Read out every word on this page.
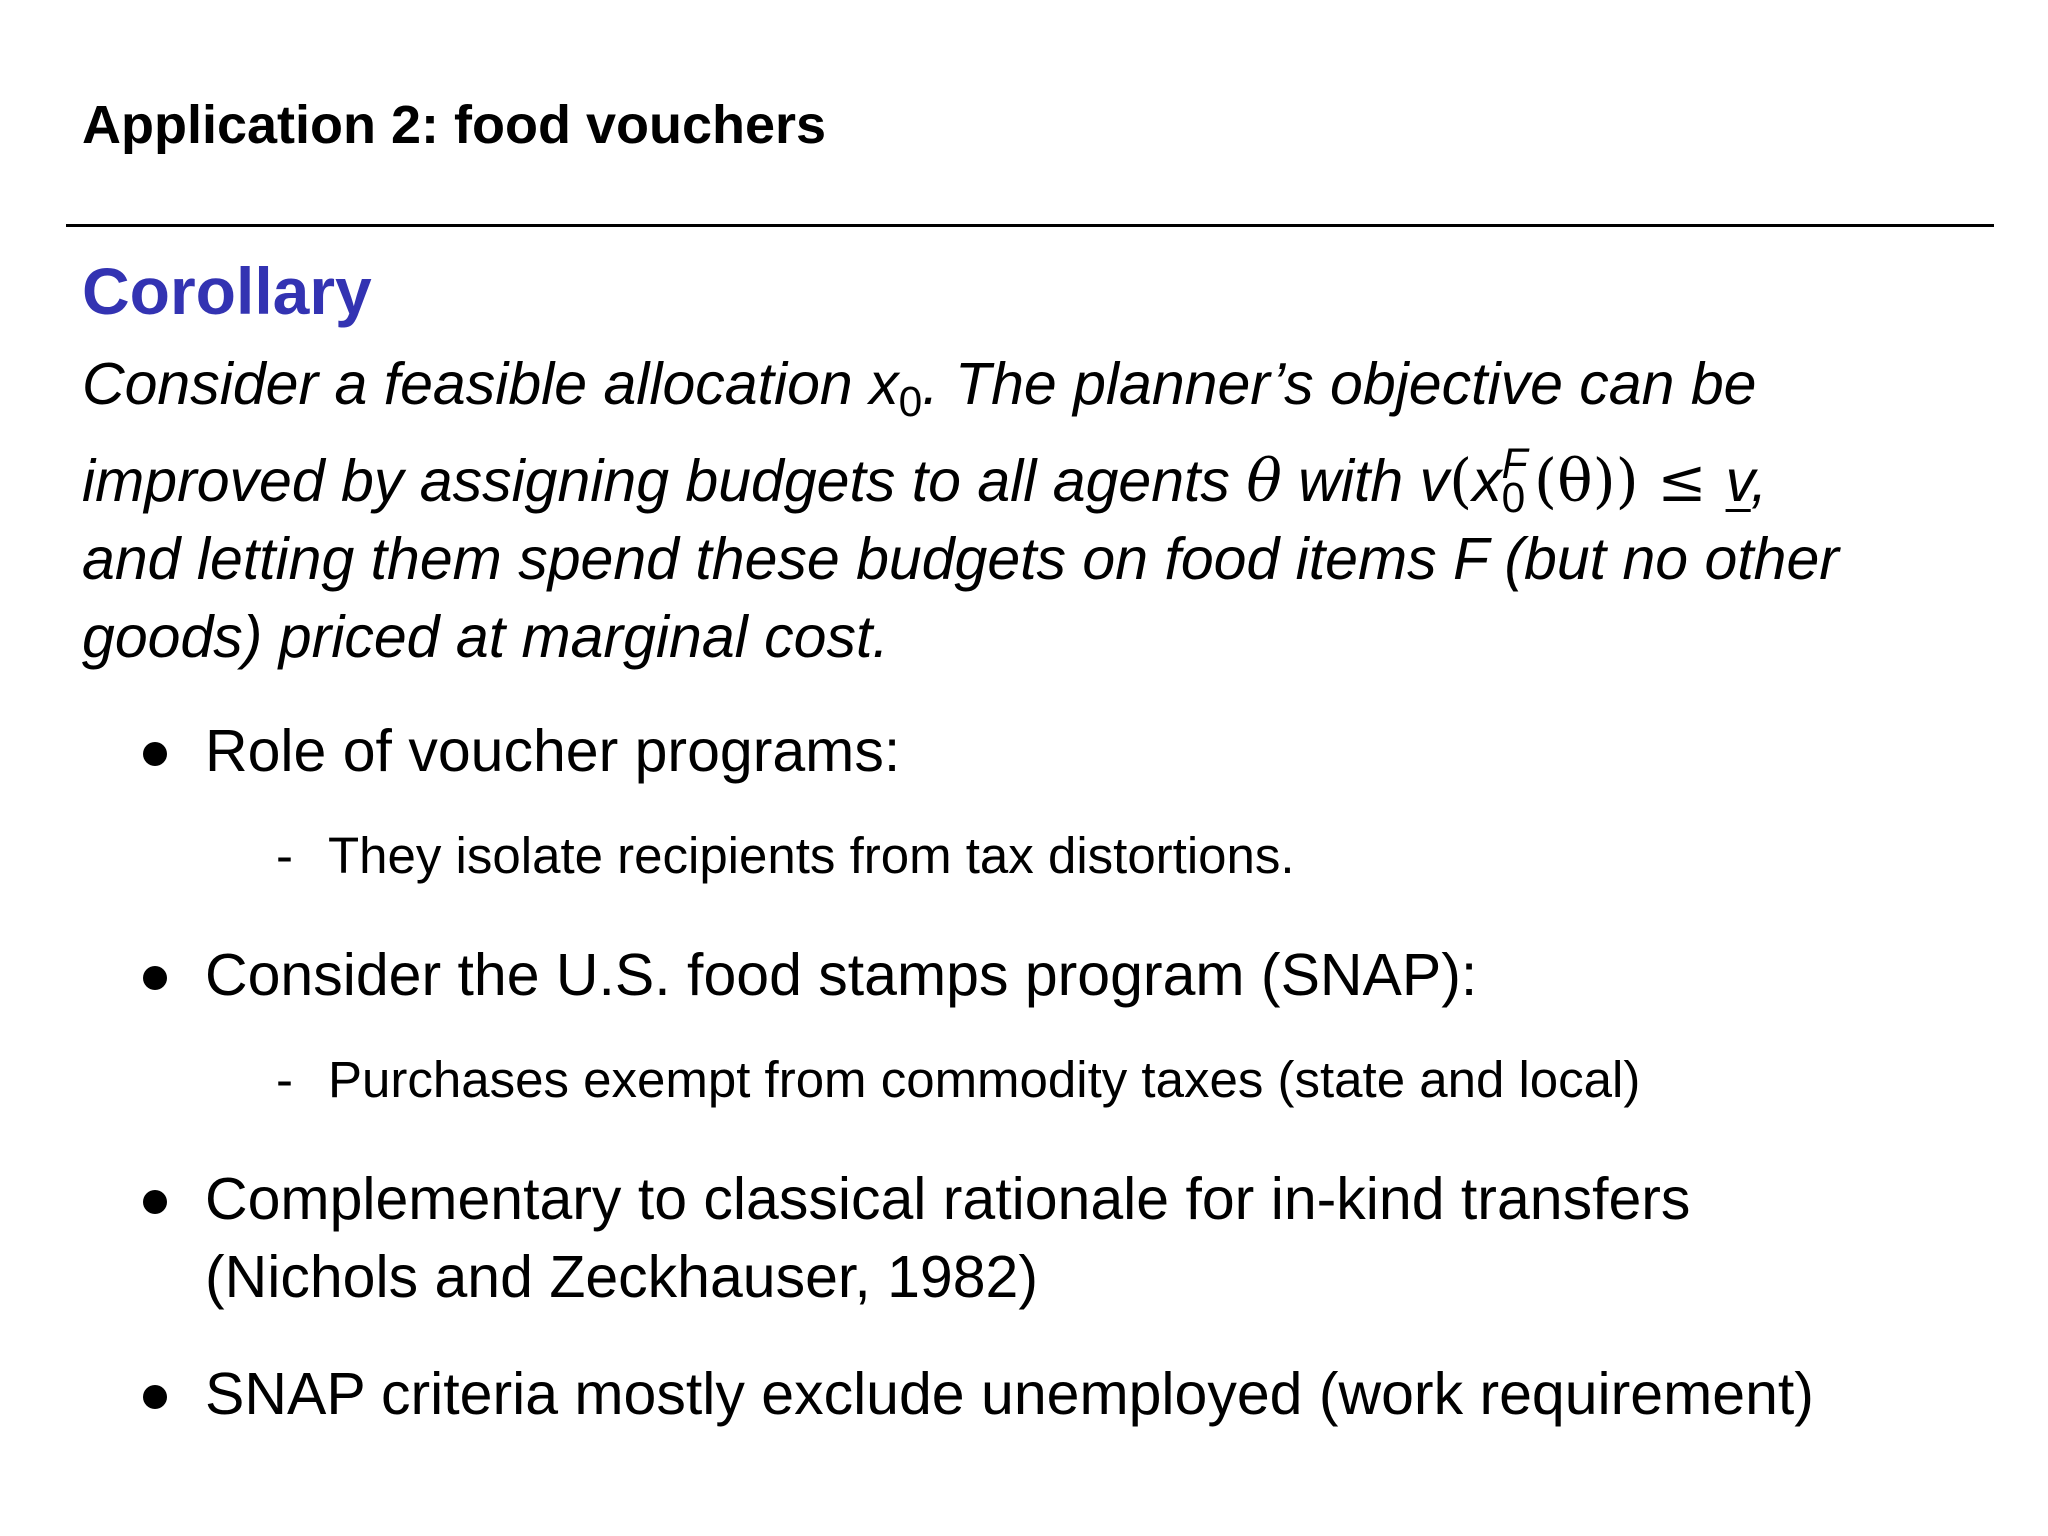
Application 2: food vouchers
Corollary
Consider a feasible allocation $x_0$. The planner’s objective can be
improved by assigning budgets to all agents θ with v(x F
0 (θ)) ≤ v,
and letting them spend these budgets on food items F (but no other
goods) priced at marginal cost.
Role of voucher programs:
- They isolate recipients from tax distortions.
Consider the U.S. food stamps program (SNAP):
- Purchases exempt from commodity taxes (state and local)
Complementary to classical rationale for in-kind transfers
(Nichols and Zeckhauser, 1982)
SNAP criteria mostly exclude unemployed (work requirement)
